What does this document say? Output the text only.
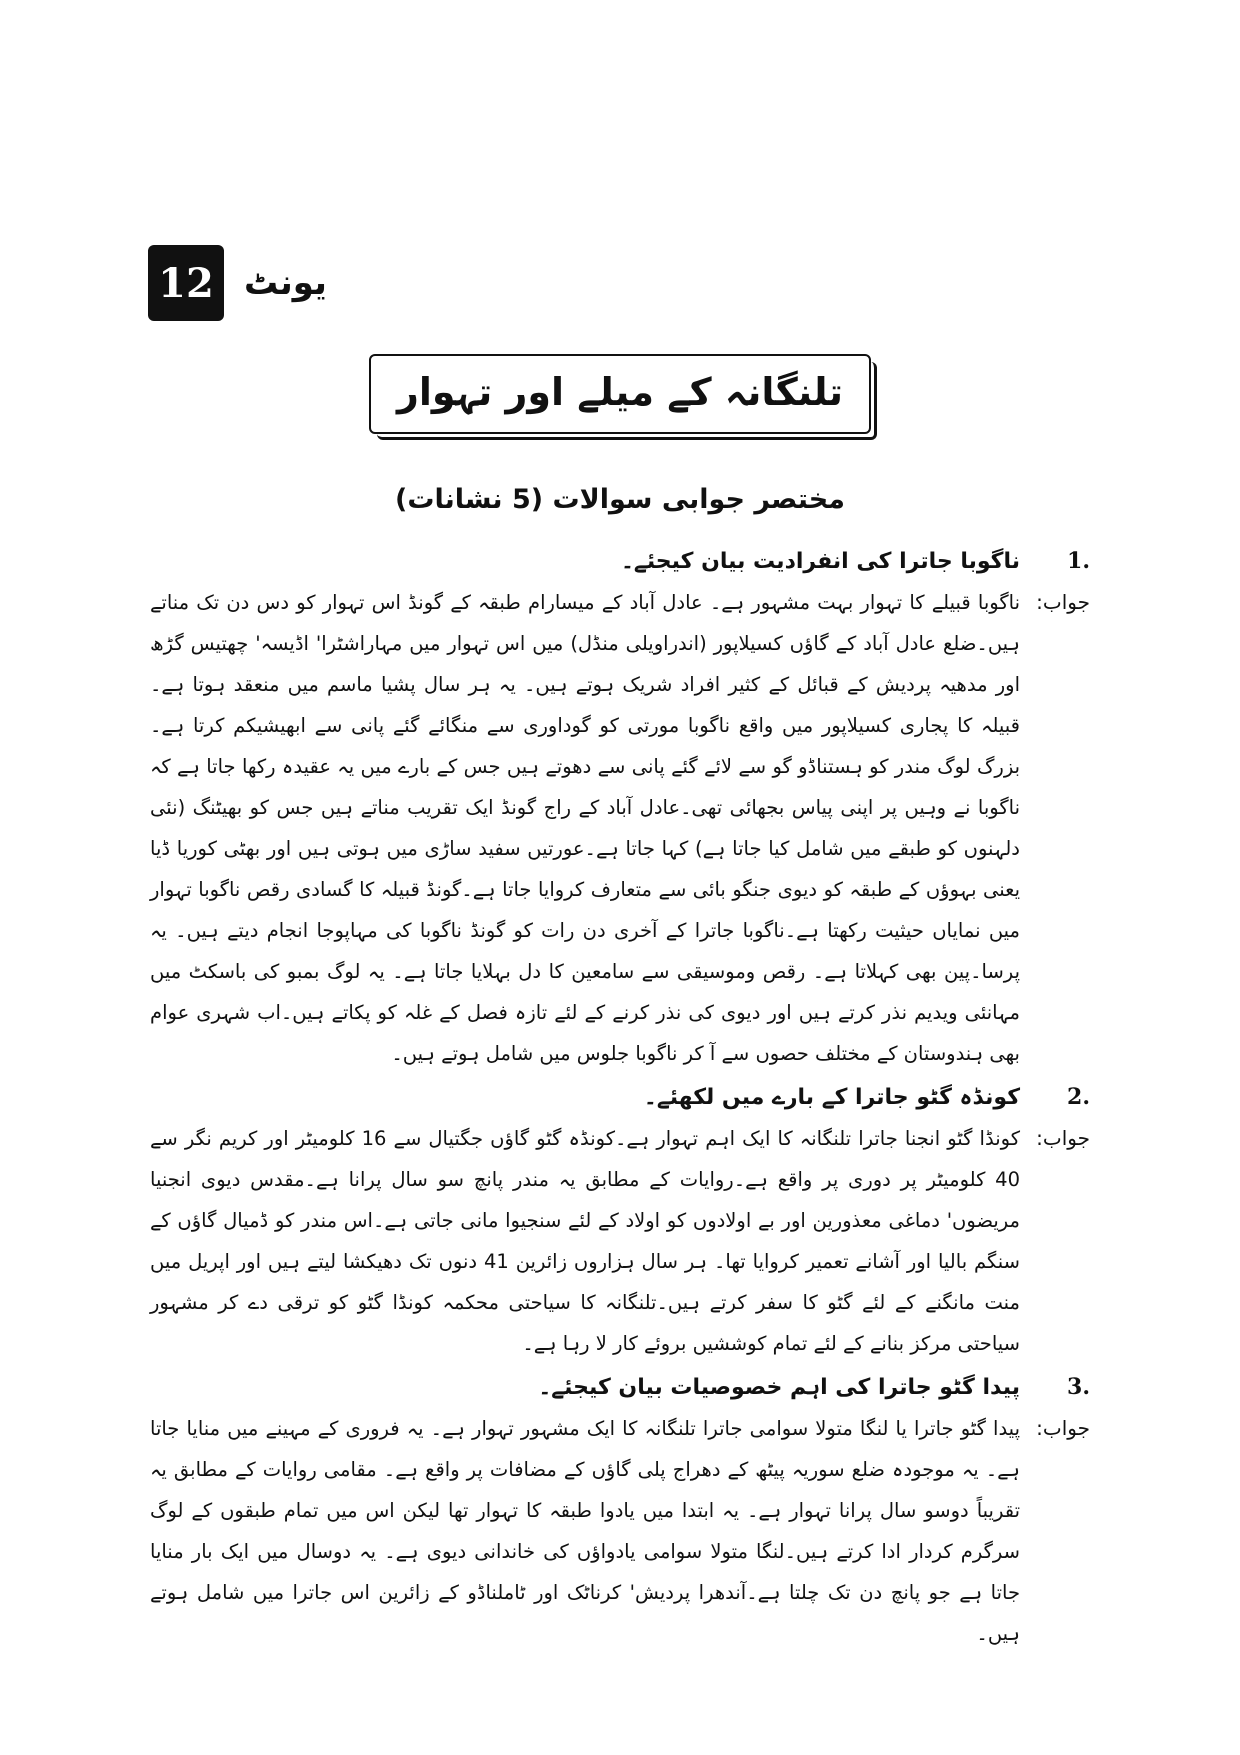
12 یونٹ
تلنگانہ کے میلے اور تہوار
مختصر جوابی سوالات (5 نشانات)
1.
ناگوبا جاترا کی انفرادیت بیان کیجئے۔
جواب:
ناگوبا قبیلے کا تہوار بہت مشہور ہے۔ عادل آباد کے میسارام طبقہ کے گونڈ اس تہوار کو دس دن تک مناتے ہیں۔ضلع عادل آباد کے گاؤں کسیلاپور (اندراویلی منڈل) میں اس تہوار میں مہاراشٹرا' اڈیسہ' چھتیس گڑھ اور مدھیہ پردیش کے قبائل کے کثیر افراد شریک ہوتے ہیں۔ یہ ہر سال پشیا ماسم میں منعقد ہوتا ہے۔قبیلہ کا پجاری کسیلاپور میں واقع ناگوبا مورتی کو گوداوری سے منگائے گئے پانی سے ابھیشیکم کرتا ہے۔ بزرگ لوگ مندر کو ہستناڈو گو سے لائے گئے پانی سے دھوتے ہیں جس کے بارے میں یہ عقیدہ رکھا جاتا ہے کہ ناگوبا نے وہیں پر اپنی پیاس بجھائی تھی۔عادل آباد کے راج گونڈ ایک تقریب مناتے ہیں جس کو بھیٹنگ (نئی دلہنوں کو طبقے میں شامل کیا جاتا ہے) کہا جاتا ہے۔عورتیں سفید ساڑی میں ہوتی ہیں اور بھٹی کوریا ڈیا یعنی بہوؤں کے طبقہ کو دیوی جنگو بائی سے متعارف کروایا جاتا ہے۔گونڈ قبیلہ کا گسادی رقص ناگوبا تہوار میں نمایاں حیثیت رکھتا ہے۔ناگوبا جاترا کے آخری دن رات کو گونڈ ناگوبا کی مہاپوجا انجام دیتے ہیں۔ یہ پرسا۔پین بھی کہلاتا ہے۔ رقص وموسیقی سے سامعین کا دل بہلایا جاتا ہے۔ یہ لوگ بمبو کی باسکٹ میں مہانئی ویدیم نذر کرتے ہیں اور دیوی کی نذر کرنے کے لئے تازہ فصل کے غلہ کو پکاتے ہیں۔اب شہری عوام بھی ہندوستان کے مختلف حصوں سے آ کر ناگوبا جلوس میں شامل ہوتے ہیں۔
2.
کونڈہ گٹو جاترا کے بارے میں لکھئے۔
جواب:
کونڈا گٹو انجنا جاترا تلنگانہ کا ایک اہم تہوار ہے۔کونڈہ گٹو گاؤں جگتیال سے 16 کلومیٹر اور کریم نگر سے 40 کلومیٹر پر دوری پر واقع ہے۔روایات کے مطابق یہ مندر پانچ سو سال پرانا ہے۔مقدس دیوی انجنیا مریضوں' دماغی معذورین اور بے اولادوں کو اولاد کے لئے سنجیوا مانی جاتی ہے۔اس مندر کو ڈمیال گاؤں کے سنگم بالیا اور آشانے تعمیر کروایا تھا۔ ہر سال ہزاروں زائرین 41 دنوں تک دھیکشا لیتے ہیں اور اپریل میں منت مانگنے کے لئے گٹو کا سفر کرتے ہیں۔تلنگانہ کا سیاحتی محکمہ کونڈا گٹو کو ترقی دے کر مشہور سیاحتی مرکز بنانے کے لئے تمام کوششیں بروئے کار لا رہا ہے۔
3.
پیدا گٹو جاترا کی اہم خصوصیات بیان کیجئے۔
جواب:
پیدا گٹو جاترا یا لنگا متولا سوامی جاترا تلنگانہ کا ایک مشہور تہوار ہے۔ یہ فروری کے مہینے میں منایا جاتا ہے۔ یہ موجودہ ضلع سوریہ پیٹھ کے دھراج پلی گاؤں کے مضافات پر واقع ہے۔ مقامی روایات کے مطابق یہ تقریباً دوسو سال پرانا تہوار ہے۔ یہ ابتدا میں یادوا طبقہ کا تہوار تھا لیکن اس میں تمام طبقوں کے لوگ سرگرم کردار ادا کرتے ہیں۔لنگا متولا سوامی یادواؤں کی خاندانی دیوی ہے۔ یہ دوسال میں ایک بار منایا جاتا ہے جو پانچ دن تک چلتا ہے۔آندھرا پردیش' کرناٹک اور ٹاملناڈو کے زائرین اس جاترا میں شامل ہوتے ہیں۔
